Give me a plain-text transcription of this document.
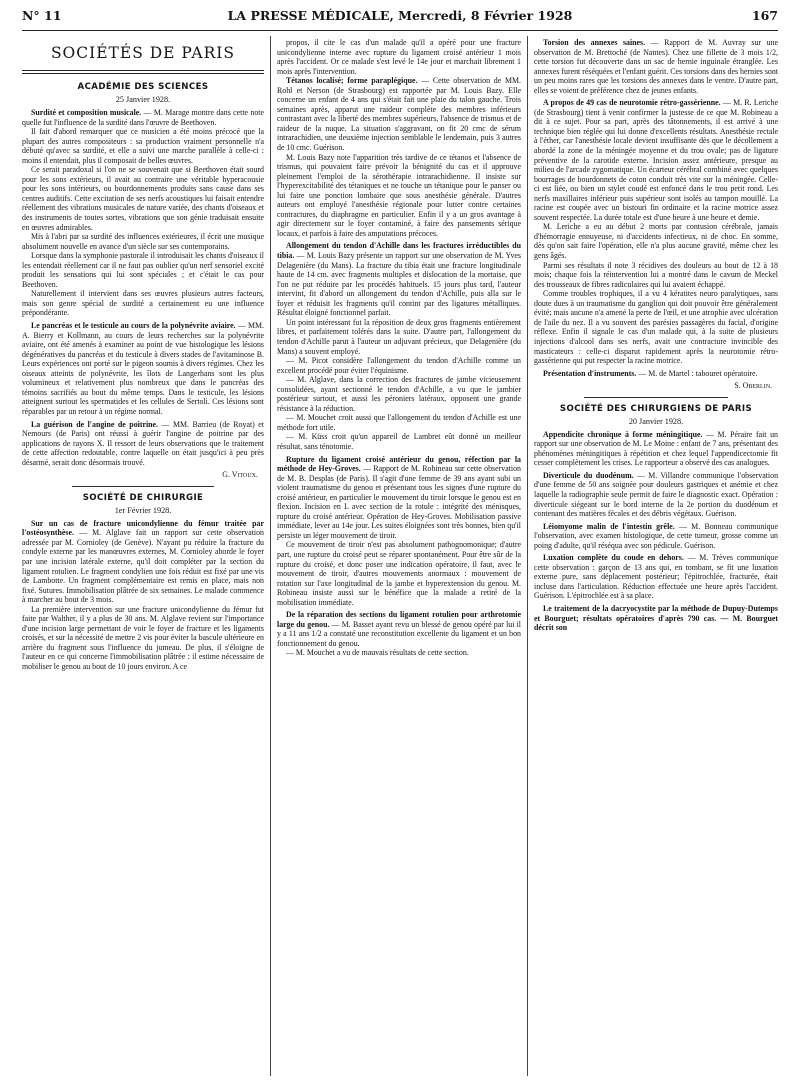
N° 11	LA PRESSE MÉDICALE, Mercredi, 8 Février 1928	167
SOCIÉTÉS DE PARIS
ACADÉMIE DES SCIENCES
25 Janvier 1928.

Surdité et composition musicale. — M. Marage montre dans cette note quelle fut l'influence de la surdité dans l'œuvre de Beethoven.

Il fait d'abord remarquer que ce musicien a été moins précocé que la plupart des autres compositeurs : sa production vraiment personnelle n'a débuté qu'avec sa surdité, et elle a suivi une marche parallèle à celle-ci : moins il entendait, plus il composait de belles œuvres.

Ce serait paradoxal si l'on ne se souvenait que si Beethoven était sourd pour les sons extérieurs, il avait au contraire une véritable hyperacousie pour les sons intérieurs, ou bourdonnements produits sans cause dans ses centres auditifs. Cette excitation de ses nerfs acoustiques lui faisait entendre réellement des vibrations musicales de nature variée, des chants d'oiseaux et des instruments de toutes sortes, vibrations que son génie traduisait ensuite en œuvres admirables.

Mis à l'abri par sa surdité des influences extérieures, il écrit une musique absolument nouvelle en avance d'un siècle sur ses contemporains.

Lorsque dans la symphonie pastorale il introduisait les chants d'oiseaux il les entendait réellement car il ne faut pas oublier qu'un nerf sensoriel excité produit les sensations qui lui sont spéciales ; et c'était le cas pour Beethoven.

Naturellement il intervient dans ses œuvres plusieurs autres facteurs, mais son genre spécial de surdité a certainement eu une influence prépondérante.

Le pancréas et le testicule au cours de la polynévrite aviaire. — MM. A. Bierry et Kollmann, au cours de leurs recherches sur la polynévrite aviaire, ont été amenés à examiner au point de vue histologique les lésions dégénératives du pancréas et du testicule à divers stades de l'avitaminose B. Leurs expériences ont porté sur le pigeon soumis à divers régimes. Chez les oiseaux atteints de polynévrite, les îlots de Langerhans sont les plus volumineux et relativement plus nombreux que dans le pancréas des témoins sacrifiés au bout du même temps. Dans le testicule, les lésions atteignent surtout les spermatides et les cellules de Sertoli. Ces lésions sont réparables par un retour à un régime normal.

La guérison de l'angine de poitrine. — MM. Barrieu (de Royat) et Nemours (de Paris) ont réussi à guérir l'angine de poitrine par des applications de rayons X. Il ressort de leurs observations que le traitement de cette affection redoutable, contre laquelle on était jusqu'ici à peu près désarmé, serait donc désormais trouvé.

G. Vitoux.
SOCIÉTÉ DE CHIRURGIE
1er Février 1928.

Sur un cas de fracture unicondylienne du fémur traitée par l'ostéosynthèse. — M. Alglave fait un rapport sur cette observation adressée par M. Cornioley (de Genève). N'ayant pu réduire la fracture du condyle externe par les manœuvres externes, M. Cornioley aborde le foyer par une incision latérale externe, qu'il doit compléter par la section du ligament rotulien. Le fragment condylien une fois réduit est fixé par une vis de Lambotte. Un fragment complémentaire est remis en place, mais non fixé. Sutures. Immobilisation plâtrée de six semaines. Le malade commence à marcher au bout de 3 mois.

La première intervention sur une fracture unicondylienne du fémur fut faite par Walther, il y a plus de 30 ans. M. Alglave revient sur l'importance d'une incision large permettant de voir le foyer de fracture et les ligaments croisés, et sur la nécessité de mettre 2 vis pour éviter la bascule ultérieure en arrière du fragment sous l'influence du jumeau. De plus, il s'éloigne de l'auteur en ce qui concerne l'immobilisation plâtrée : il estime nécessaire de mobiliser le genou au bout de 10 jours environ. A ce

propos, il cite le cas d'un malade qu'il a opéré pour une fracture unicondylienne interne avec rupture du ligament croisé antérieur 1 mois après l'accident. Or ce malade s'est levé le 14e jour et marchait librement 1 mois après l'intervention.

Tétanos localisé; forme paraplégique. — Cette observation de MM. Rohl et Nerson (de Strasbourg) est rapportée par M. Louis Bazy. Elle concerne un enfant de 4 ans qui s'était fait une plaie du talon gauche. Trois semaines après, apparut une raideur complète des membres inférieurs contrastant avec la liberté des membres supérieurs, l'absence de trismus et de raideur de la nuque. La situation s'aggravant, on fit 20 cmc de sérum intrarachidien, une deuxième injection semblable le lendemain, puis 3 autres de 10 cmc. Guérison.

M. Louis Bazy note l'apparition très tardive de ce tétanos et l'absence de trismus, qui pouvaient faire prévoir la bénignité du cas et il approuve pleinement l'emploi de la sérothérapie intrarachidienne. Il insiste sur l'hyperexcitabilité des tétaniques et ne touche un tétanique pour le panser ou lui faire une ponction lombaire que sous anesthésie générale. D'autres auteurs ont employé l'anesthésie régionale pour lutter contre certaines contractures, du diaphragme en particulier. Enfin il y a un gros avantage à agir directement sur le foyer contaminé, à faire des pansements sérique locaux, et parfois à faire des amputations précoces.

Allongement du tendon d'Achille dans les fractures irréductibles du tibia. — M. Louis Bazy présente un rapport sur une observation de M. Yves Delagenière (du Mans). La fracture du tibia était une fracture longitudinale haute de 14 cm. avec fragments multiples et dislocation de la mortaise, que l'on ne put réduire par les procédés habituels. 15 jours plus tard, l'auteur intervint, fit d'abord un allongement du tendon d'Achille, puis alla sur le foyer et réduisit les fragments qu'il contint par des ligatures métalliques. Résultat éloigné fonctionnel parfait.

Un point intéressant fut la réposition de deux gros fragments entièrement libres, et parfaitement tolérés dans la suite. D'autre part, l'allongement du tendon d'Achille parut à l'auteur un adjuvant précieux, que Delagenière (du Mans) a souvent employé.

— M. Picot considère l'allongement du tendon d'Achille comme un excellent procédé pour éviter l'équinisme.

— M. Alglave, dans la correction des fractures de jambe vicieusement consolidées, ayant sectionné le tendon d'Achille, a vu que le jambier postérieur surtout, et aussi les péroniers latéraux, opposent une grande résistance à la réduction.

— M. Mouchet croit aussi que l'allongement du tendon d'Achille est une méthode fort utile.

— M. Küss croit qu'un appareil de Lambret eût donné un meilleur résultat, sans ténotomie.

Rupture du ligament croisé antérieur du genou, réfection par la méthode de Hey-Groves. — Rapport de M. Robineau sur cette observation de M. B. Desplas (de Paris). Il s'agit d'une femme de 39 ans ayant subi un violent traumatisme du genou et présentant tous les signes d'une rupture du croisé antérieur, en particulier le mouvement du tiroir lorsque le genou est en flexion. Incision en L avec section de la rotule : intégrité des ménisques, rupture du croisé antérieur. Opération de Hey-Groves. Mobilisation passive immédiate, lever au 14e jour. Les suites éloignées sont très bonnes, bien qu'il persiste un léger mouvement de tiroir.

Ce mouvement de tiroir n'est pas absolument pathognomonique; d'autre part, une rupture du croisé peut se réparer spontanément. Pour être sûr de la rupture du croisé, et donc poser une indication opératoire, il faut, avec le mouvement de tiroir, d'autres mouvements anormaux : mouvement de rotation sur l'axe longitudinal de la jambe et hyperextension du genou. M. Robineau insiste aussi sur le bénéfice que la malade a retiré de la mobilisation immédiate.

De la réparation des sections du ligament rotulien pour arthrotomie large du genou. — M. Basset ayant revu un blessé de genou opéré par lui il y a 11 ans 1/2 a constaté une reconstitution excellente du ligament et un bon fonctionnement du genou.

— M. Mouchet a vu de mauvais résultats de cette section.

Torsion des annexes saines. — Rapport de M. Auvray sur une observation de M. Brettoché (de Nantes). Chez une fillette de 3 mois 1/2, cette torsion fut découverte dans un sac de hernie inguinale étranglée. Les annexes furent réséquées et l'enfant guérit. Ces torsions dans des hernies sont un peu moins rares que les torsions des annexes dans le ventre. D'autre part, elles se voient de préférence chez de jeunes enfants.

A propos de 49 cas de neurotomie rétro-gassérienne. — M. R. Leriche (de Strasbourg) tient à venir confirmer la justesse de ce que M. Robineau a dit à ce sujet. Pour sa part, après des tâtonnements, il est arrivé à une technique bien réglée qui lui donne d'excellents résultats. Anesthésie rectale à l'éther, car l'anesthésie locale devient insuffisante dès que le décollement a abordé la zone de la méningée moyenne et du trou ovale; pas de ligature préventive de la carotide externe. Incision assez antérieure, presque au milieu de l'arcade zygomatique. Un écarteur cérébral combiné avec quelques bourrages de bourdonnets de coton conduit très vite sur la méningée. Celle-ci est liée, ou bien un stylet coudé est enfoncé dans le trou petit rond. Les nerfs maxillaires inférieur puis supérieur sont isolés au tampon mouillé. La racine est coupée avec un bistouri fin ordinaire et la racine motrice assez souvent respectée. La durée totale est d'une heure à une heure et demie.

M. Leriche a eu au début 2 morts par contusion cérébrale, jamais d'hémorragie ennuyeuse, ni d'accidents infectieux, ni de choc. En somme, dès qu'on sait faire l'opération, elle n'a plus aucune gravité, même chez les gens âgés.

Parmi ses résultats il note 3 récidives des douleurs au bout de 12 à 18 mois; chaque fois la réintervention lui a montré dans le cavum de Meckel des trousseaux de fibres radiculaires qui lui avaient échappé.

Comme troubles trophiques, il a vu 4 kératites neuro paralytiques, sans doute dues à un traumatisme du ganglion qui doit pouvoir être généralement évité; mais aucune n'a amené la perte de l'œil, et une atrophie avec ulcération de l'aile du nez. Il a vu souvent des parésies passagères du facial, d'origine réflexe. Enfin il signale le cas d'un malade qui, à la suite de plusieurs injections d'alcool dans ses nerfs, avait une contracture invincible des masticateurs : celle-ci disparut rapidement après la neurotomie rétro-gassérienne qui put respecter la racine motrice.

Présentation d'instruments. — M. de Martel : tabouret opératoire.

S. Oberlin.
SOCIÉTÉ DES CHIRURGIENS DE PARIS
20 Janvier 1928.

Appendicite chronique à forme méningitique. — M. Péraire fait un rapport sur une observation de M. Le Moine : enfant de 7 ans, présentant des phénomènes méningitiques à répétition et chez lequel l'appendicectomie fit cesser complètement les crises. Le rapporteur a observé des cas analogues.

Diverticule du duodénum. — M. Villandre communique l'observation d'une femme de 50 ans soignée pour douleurs gastriques et anémie et chez laquelle la radiographie seule permit de faire le diagnostic exact. Opération : diverticule siégeant sur le bord interne de la 2e portion du duodénum et contenant des matières fécales et des débris végétaux. Guérison.

Léiomyome malin de l'intestin grêle. — M. Bonneau communique l'observation, avec examen histologique, de cette tumeur, grosse comme un poing d'adulte, qu'il réséqua avec son pédicule. Guérison.

Luxation complète du coude en dehors. — M. Trèves communique cette observation : garçon de 13 ans qui, en tombant, se fit une luxation externe pure, sans déplacement postérieur; l'épitrochlée, fracturée, était incluse dans l'articulation. Réduction effectuée une heure après l'accident. Guérison. L'épitrochlée est à sa place.

Le traitement de la dacryocystite par la méthode de Dupuy-Dutemps et Bourguet; résultats opératoires d'après 790 cas. — M. Bourguet décrit son
